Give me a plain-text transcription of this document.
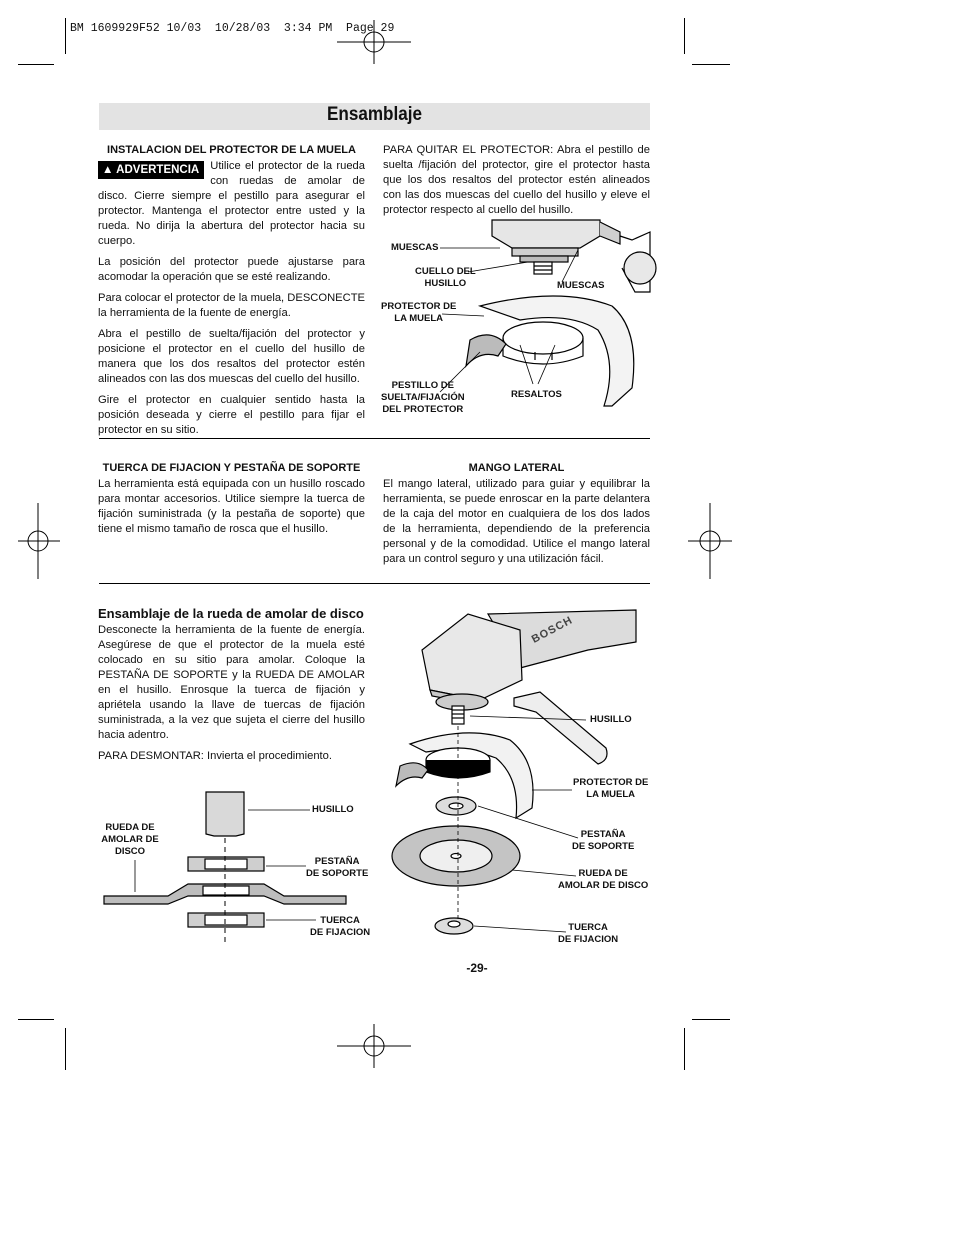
BM 1609929F52 10/03  10/28/03  3:34 PM  Page 29
Ensamblaje
INSTALACION DEL PROTECTOR DE LA MUELA

▲ ADVERTENCIA Utilice el protector de la rueda con ruedas de amolar de disco. Cierre siempre el pestillo para asegurar el protector. Mantenga el protector entre usted y la rueda. No dirija la abertura del protector hacia su cuerpo.

La posición del protector puede ajustarse para acomodar la operación que se esté realizando.

Para colocar el protector de la muela, DESCONECTE la herramienta de la fuente de energía.

Abra el pestillo de suelta/fijación del protector y posicione el protector en el cuello del husillo de manera que los dos resaltos del protector estén alineados con las dos muescas del cuello del husillo.

Gire el protector en cualquier sentido hasta la posición deseada y cierre el pestillo para fijar el protector en su sitio.

PARA QUITAR EL PROTECTOR: Abra el pestillo de suelta /fijación del protector, gire el protector hasta que los dos resaltos del protector estén alineados con las dos muescas del cuello del husillo y eleve el protector respecto al cuello del husillo.

MUESCAS
CUELLO DEL
HUSILLO	MUESCAS
PROTECTOR DE
LA MUELA
PESTILLO DE
SUELTA/FIJACIÓN
DEL PROTECTOR
RESALTOS
TUERCA DE FIJACION Y PESTAÑA DE SOPORTE

La herramienta está equipada con un husillo roscado para montar accesorios. Utilice siempre la tuerca de fijación suministrada (y la pestaña de soporte) que tiene el mismo tamaño de rosca que el husillo.

MANGO LATERAL

El mango lateral, utilizado para guiar y equilibrar la herramienta, se puede enroscar en la parte delantera de la caja del motor en cualquiera de los dos lados de la herramienta, dependiendo de la preferencia personal y de la comodidad. Utilice el mango lateral para un control seguro y una utilización fácil.

Ensamblaje de la rueda de amolar de disco

Desconecte la herramienta de la fuente de energía. Asegúrese de que el protector de la muela esté colocado en su sitio para amolar. Coloque la PESTAÑA DE SOPORTE y la RUEDA DE AMOLAR en el husillo. Enrosque la tuerca de fijación y apriétela usando la llave de tuercas de fijación suministrada, a la vez que sujeta el cierre del husillo hacia adentro.

PARA DESMONTAR: Invierta el procedimiento.

HUSILLO
RUEDA DE
AMOLAR DE
DISCO
PESTAÑA
DE SOPORTE
TUERCA
DE FIJACION
BOSCH
HUSILLO
PROTECTOR DE
LA MUELA
PESTAÑA
DE SOPORTE
RUEDA DE
AMOLAR DE DISCO
TUERCA
DE FIJACION
-29-
